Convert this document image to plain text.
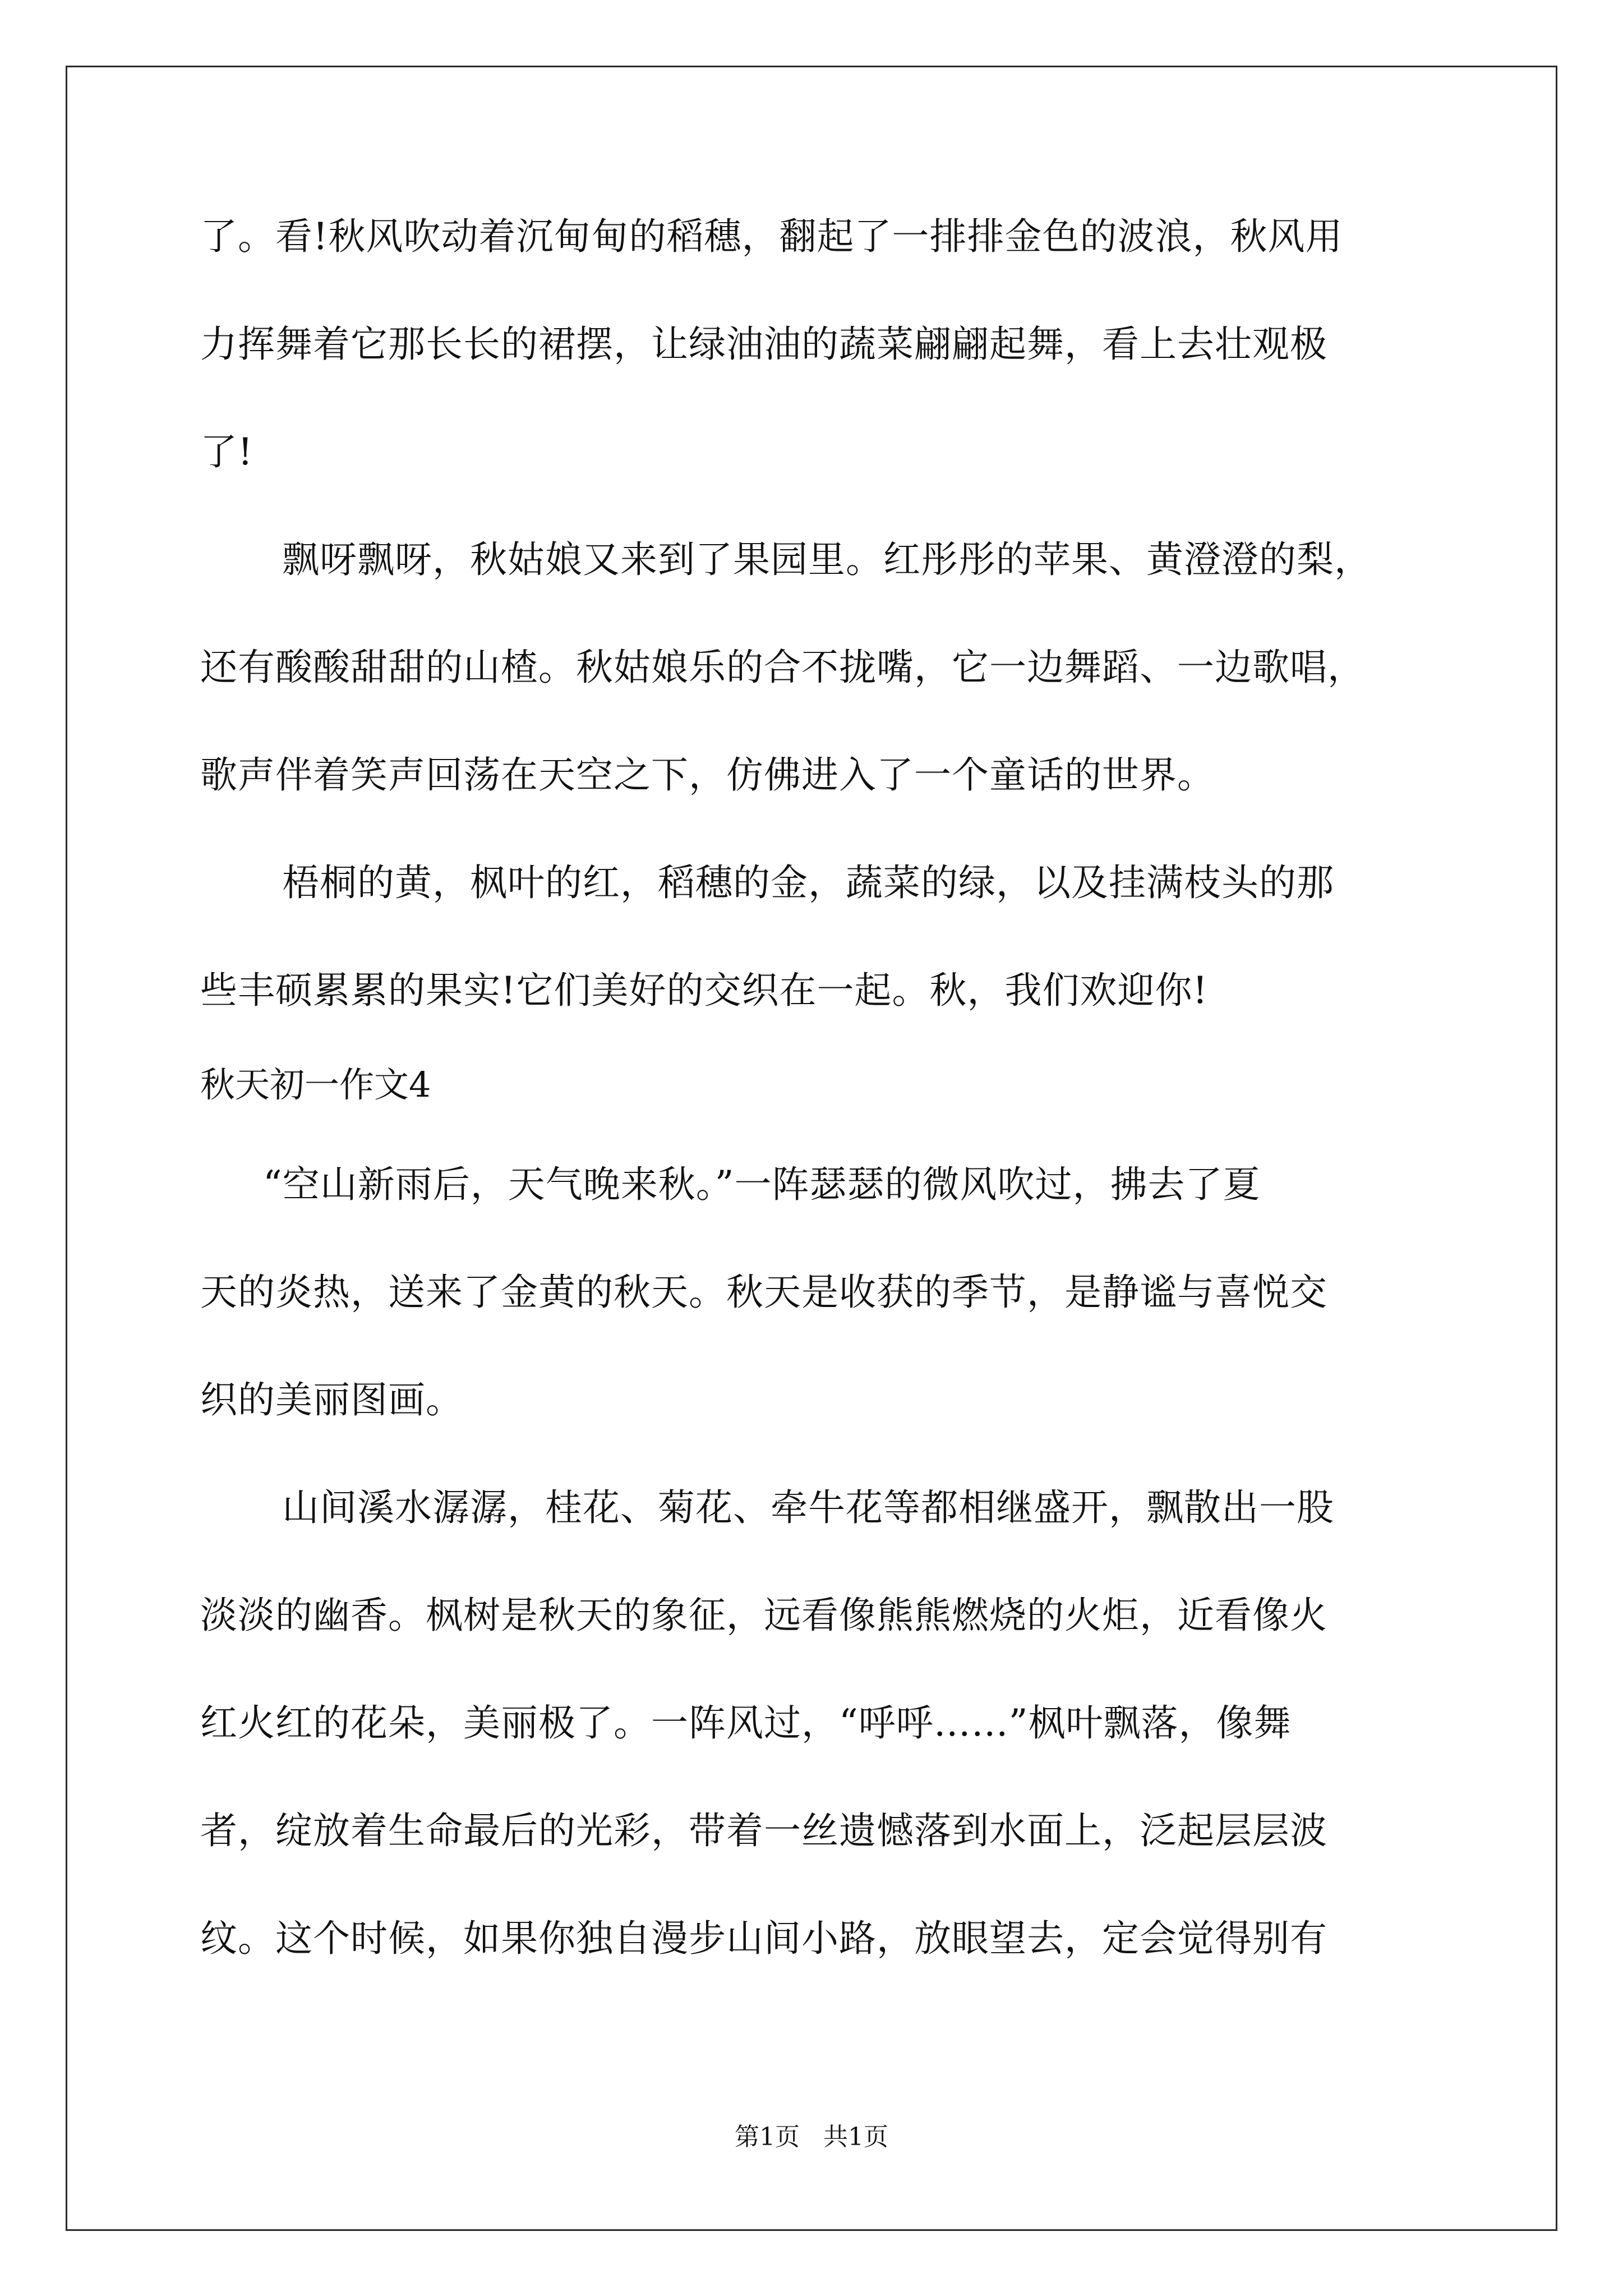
了。看!秋风吹动着沉甸甸的稻穗，翻起了一排排金色的波浪，秋风用
力挥舞着它那长长的裙摆，让绿油油的蔬菜翩翩起舞，看上去壮观极
了!
飘呀飘呀，秋姑娘又来到了果园里。红彤彤的苹果、黄澄澄的梨，
还有酸酸甜甜的山楂。秋姑娘乐的合不拢嘴，它一边舞蹈、一边歌唱，
歌声伴着笑声回荡在天空之下，仿佛进入了一个童话的世界。
梧桐的黄，枫叶的红，稻穗的金，蔬菜的绿，以及挂满枝头的那
些丰硕累累的果实!它们美好的交织在一起。秋，我们欢迎你!
秋天初一作文4
“空山新雨后，天气晚来秋。”一阵瑟瑟的微风吹过，拂去了夏
天的炎热，送来了金黄的秋天。秋天是收获的季节，是静谧与喜悦交
织的美丽图画。
山间溪水潺潺，桂花、菊花、牵牛花等都相继盛开，飘散出一股
淡淡的幽香。枫树是秋天的象征，远看像熊熊燃烧的火炬，近看像火
红火红的花朵，美丽极了。一阵风过，“呼呼……”枫叶飘落，像舞
者，绽放着生命最后的光彩，带着一丝遗憾落到水面上，泛起层层波
纹。这个时候，如果你独自漫步山间小路，放眼望去，定会觉得别有
第1页   共1页
